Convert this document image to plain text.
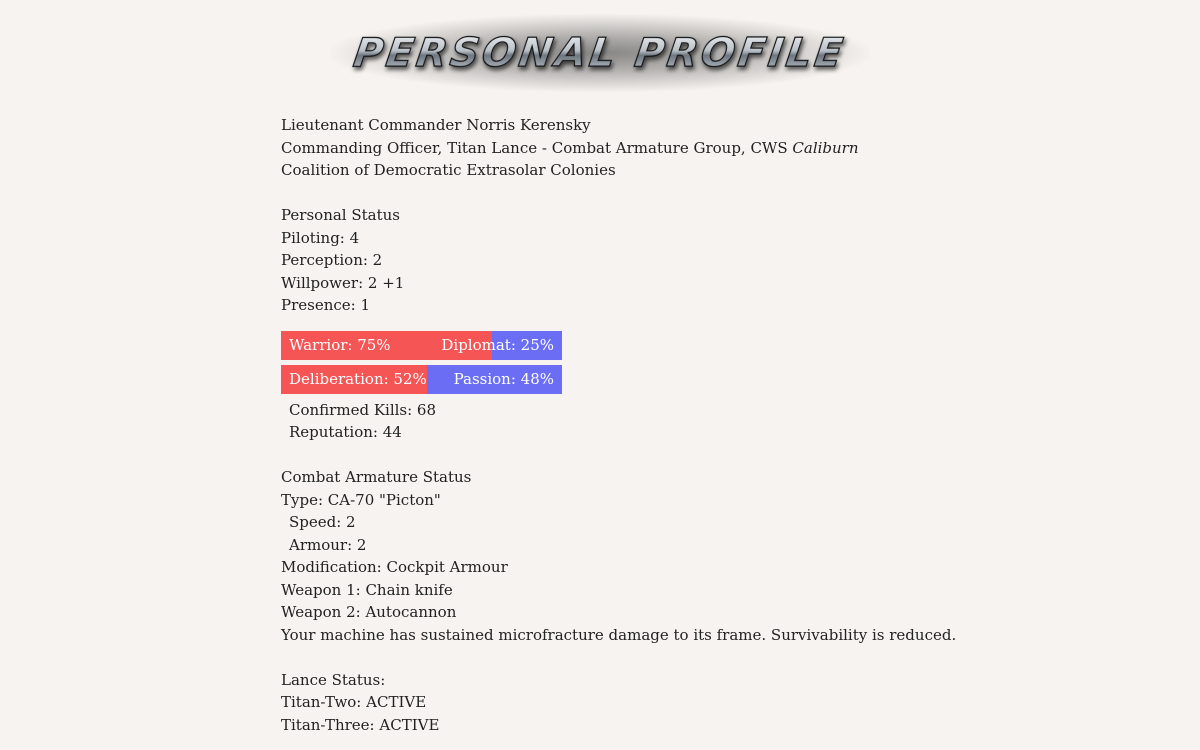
PERSONAL PROFILE
Lieutenant Commander Norris Kerensky
Commanding Officer, Titan Lance - Combat Armature Group, CWS Caliburn
Coalition of Democratic Extrasolar Colonies
Personal Status
Piloting: 4
Perception: 2
Willpower: 2 +1
Presence: 1
Warrior: 75%	Diplomat: 25%
Deliberation: 52% Passion: 48%
Confirmed Kills: 68
Reputation: 44
Combat Armature Status
Type: CA-70 "Picton"
Speed: 2
Armour: 2
Modification: Cockpit Armour
Weapon 1: Chain knife
Weapon 2: Autocannon
Your machine has sustained microfracture damage to its frame. Survivability is reduced.
Lance Status:
Titan-Two: ACTIVE
Titan-Three: ACTIVE
